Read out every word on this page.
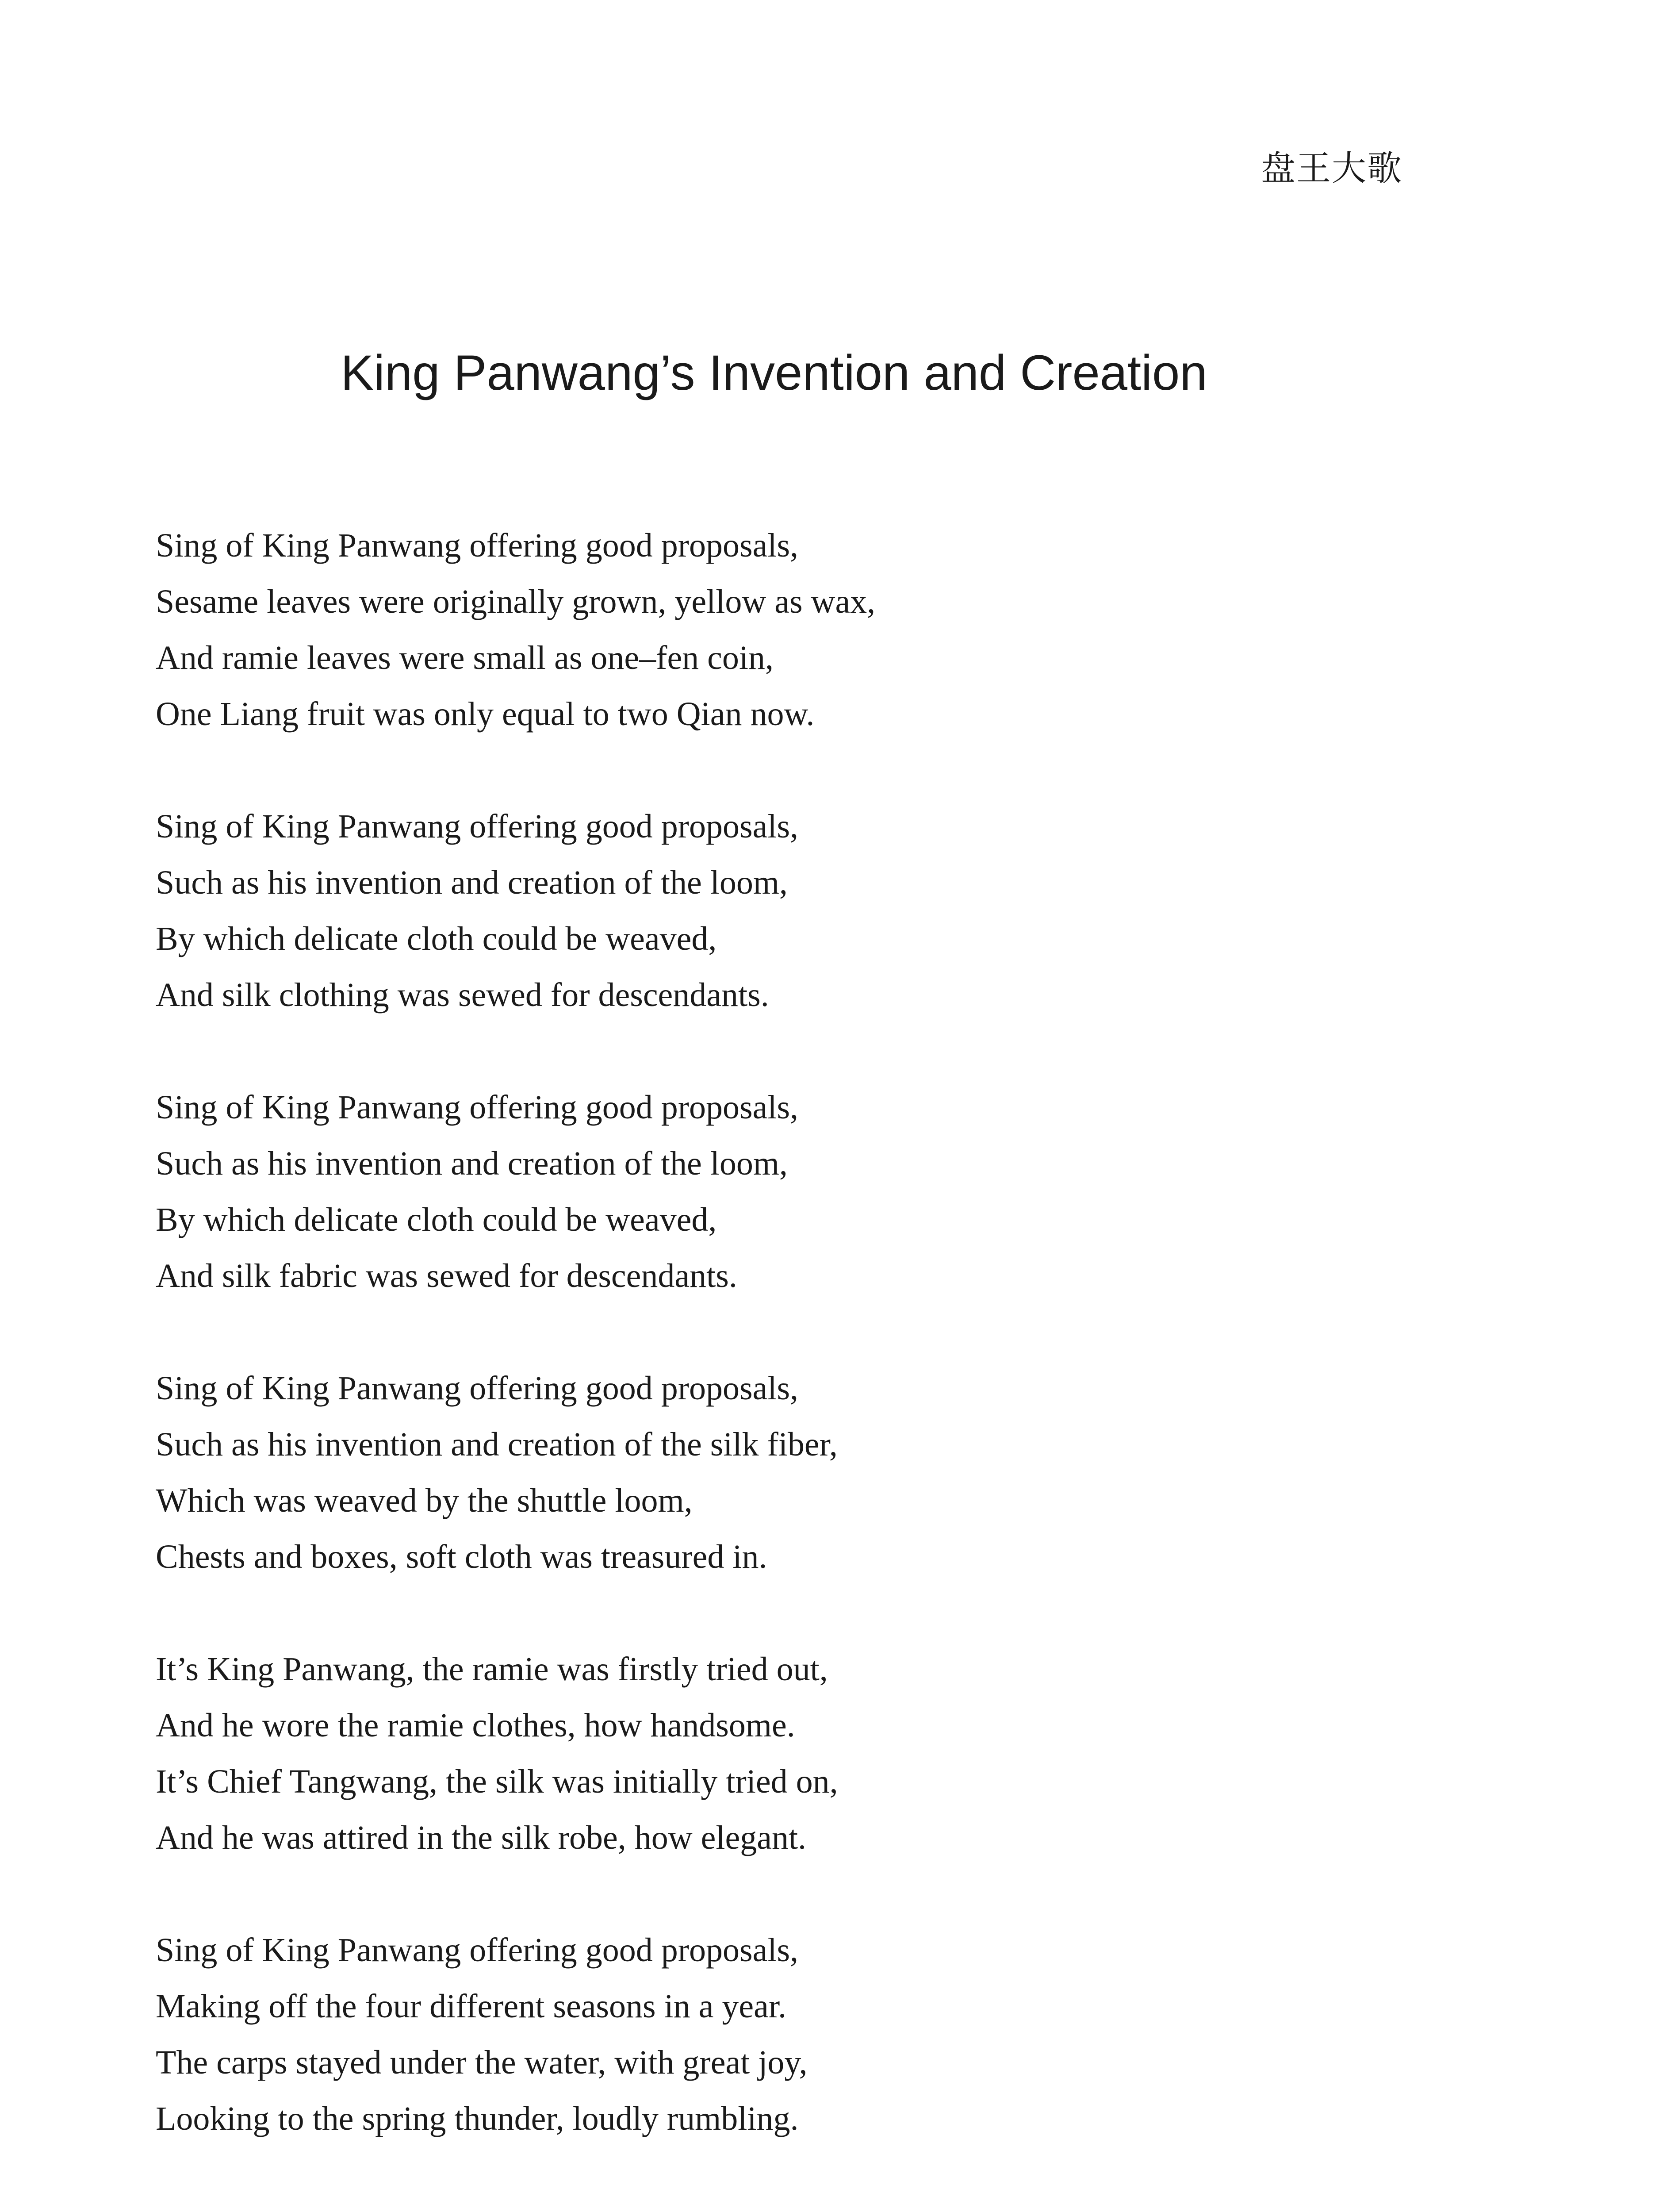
盘王大歌
King Panwang’s Invention and Creation
Sing of King Panwang offering good proposals,
Sesame leaves were originally grown, yellow as wax,
And ramie leaves were small as one–fen coin,
One Liang fruit was only equal to two Qian now.
Sing of King Panwang offering good proposals,
Such as his invention and creation of the loom,
By which delicate cloth could be weaved,
And silk clothing was sewed for descendants.
Sing of King Panwang offering good proposals,
Such as his invention and creation of the loom,
By which delicate cloth could be weaved,
And silk fabric was sewed for descendants.
Sing of King Panwang offering good proposals,
Such as his invention and creation of the silk fiber,
Which was weaved by the shuttle loom,
Chests and boxes, soft cloth was treasured in.
It’s King Panwang, the ramie was firstly tried out,
And he wore the ramie clothes, how handsome.
It’s Chief Tangwang, the silk was initially tried on,
And he was attired in the silk robe, how elegant.
Sing of King Panwang offering good proposals,
Making off the four different seasons in a year.
The carps stayed under the water, with great joy,
Looking to the spring thunder, loudly rumbling.
